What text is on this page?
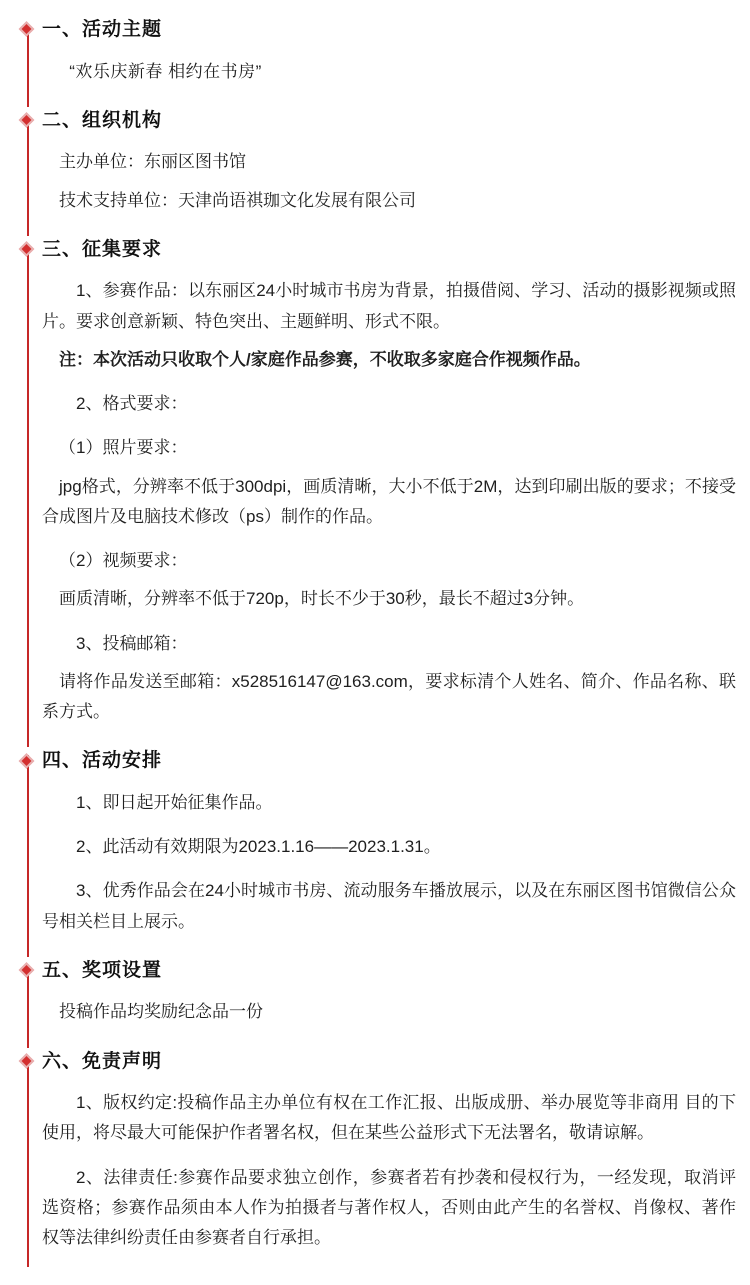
一、活动主题

“欢乐庆新春 相约在书房”

二、组织机构

主办单位：东丽区图书馆

技术支持单位：天津尚语祺珈文化发展有限公司

三、征集要求

1、参赛作品：以东丽区24小时城市书房为背景，拍摄借阅、学习、活动的摄影视频或照片。要求创意新颖、特色突出、主题鲜明、形式不限。

注：本次活动只收取个人/家庭作品参赛，不收取多家庭合作视频作品。

2、格式要求：

（1）照片要求：

jpg格式，分辨率不低于300dpi，画质清晰，大小不低于2M，达到印刷出版的要求；不接受合成图片及电脑技术修改（ps）制作的作品。

（2）视频要求：

画质清晰，分辨率不低于720p，时长不少于30秒，最长不超过3分钟。

3、投稿邮箱：

请将作品发送至邮箱：x528516147@163.com，要求标清个人姓名、简介、作品名称、联系方式。

四、活动安排

1、即日起开始征集作品。

2、此活动有效期限为2023.1.16——2023.1.31。

3、优秀作品会在24小时城市书房、流动服务车播放展示，以及在东丽区图书馆微信公众号相关栏目上展示。

五、奖项设置

投稿作品均奖励纪念品一份

六、免责声明

1、版权约定:投稿作品主办单位有权在工作汇报、出版成册、举办展览等非商用 目的下使用，将尽最大可能保护作者署名权，但在某些公益形式下无法署名，敬请谅解。

2、法律责任:参赛作品要求独立创作，参赛者若有抄袭和侵权行为，一经发现，取消评选资格；参赛作品须由本人作为拍摄者与著作权人，否则由此产生的名誉权、肖像权、著作权等法律纠纷责任由参赛者自行承担。
